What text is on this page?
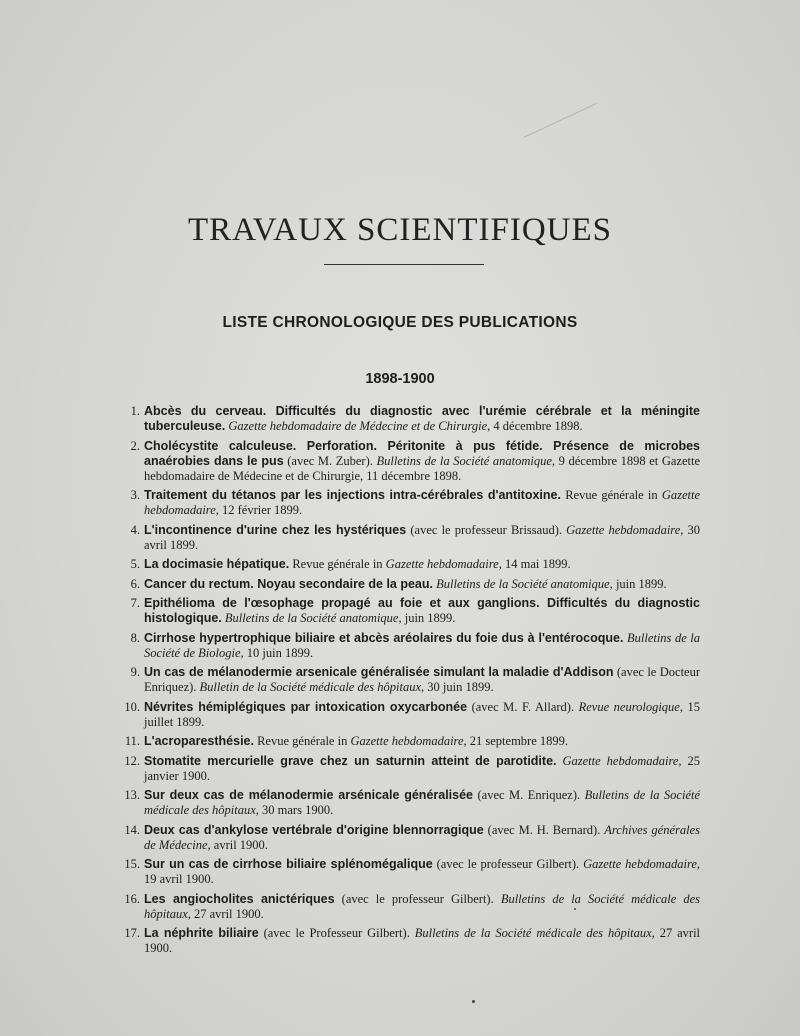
TRAVAUX SCIENTIFIQUES
LISTE CHRONOLOGIQUE DES PUBLICATIONS
1898-1900
1. Abcès du cerveau. Difficultés du diagnostic avec l'urémie cérébrale et la méningite tuberculeuse. Gazette hebdomadaire de Médecine et de Chirurgie, 4 décembre 1898.
2. Cholécystite calculeuse. Perforation. Péritonite à pus fétide. Présence de microbes anaérobies dans le pus (avec M. Zuber). Bulletins de la Société anatomique, 9 décembre 1898 et Gazette hebdomadaire de Médecine et de Chirurgie, 11 décembre 1898.
3. Traitement du tétanos par les injections intra-cérébrales d'antitoxine. Revue générale in Gazette hebdomadaire, 12 février 1899.
4. L'incontinence d'urine chez les hystériques (avec le professeur Brissaud). Gazette hebdomadaire, 30 avril 1899.
5. La docimasie hépatique. Revue générale in Gazette hebdomadaire, 14 mai 1899.
6. Cancer du rectum. Noyau secondaire de la peau. Bulletins de la Société anatomique, juin 1899.
7. Epithélioma de l'œsophage propagé au foie et aux ganglions. Difficultés du diagnostic histologique. Bulletins de la Société anatomique, juin 1899.
8. Cirrhose hypertrophique biliaire et abcès aréolaires du foie dus à l'entérocoque. Bulletins de la Société de Biologie, 10 juin 1899.
9. Un cas de mélanodermie arsenicale généralisée simulant la maladie d'Addison (avec le Docteur Enriquez). Bulletin de la Société médicale des hôpitaux, 30 juin 1899.
10. Névrites hémiplégiques par intoxication oxycarbonée (avec M. F. Allard). Revue neurologique, 15 juillet 1899.
11. L'acroparesthésie. Revue générale in Gazette hebdomadaire, 21 septembre 1899.
12. Stomatite mercurielle grave chez un saturnin atteint de parotidite. Gazette hebdomadaire, 25 janvier 1900.
13. Sur deux cas de mélanodermie arsénicale généralisée (avec M. Enriquez). Bulletins de la Société médicale des hôpitaux, 30 mars 1900.
14. Deux cas d'ankylose vertébrale d'origine blennorragique (avec M. H. Bernard). Archives générales de Médecine, avril 1900.
15. Sur un cas de cirrhose biliaire splénomégalique (avec le professeur Gilbert). Gazette hebdomadaire, 19 avril 1900.
16. Les angiocholites anictériques (avec le professeur Gilbert). Bulletins de la Société médicale des hôpitaux, 27 avril 1900.
17. La néphrite biliaire (avec le Professeur Gilbert). Bulletins de la Société médicale des hôpitaux, 27 avril 1900.
